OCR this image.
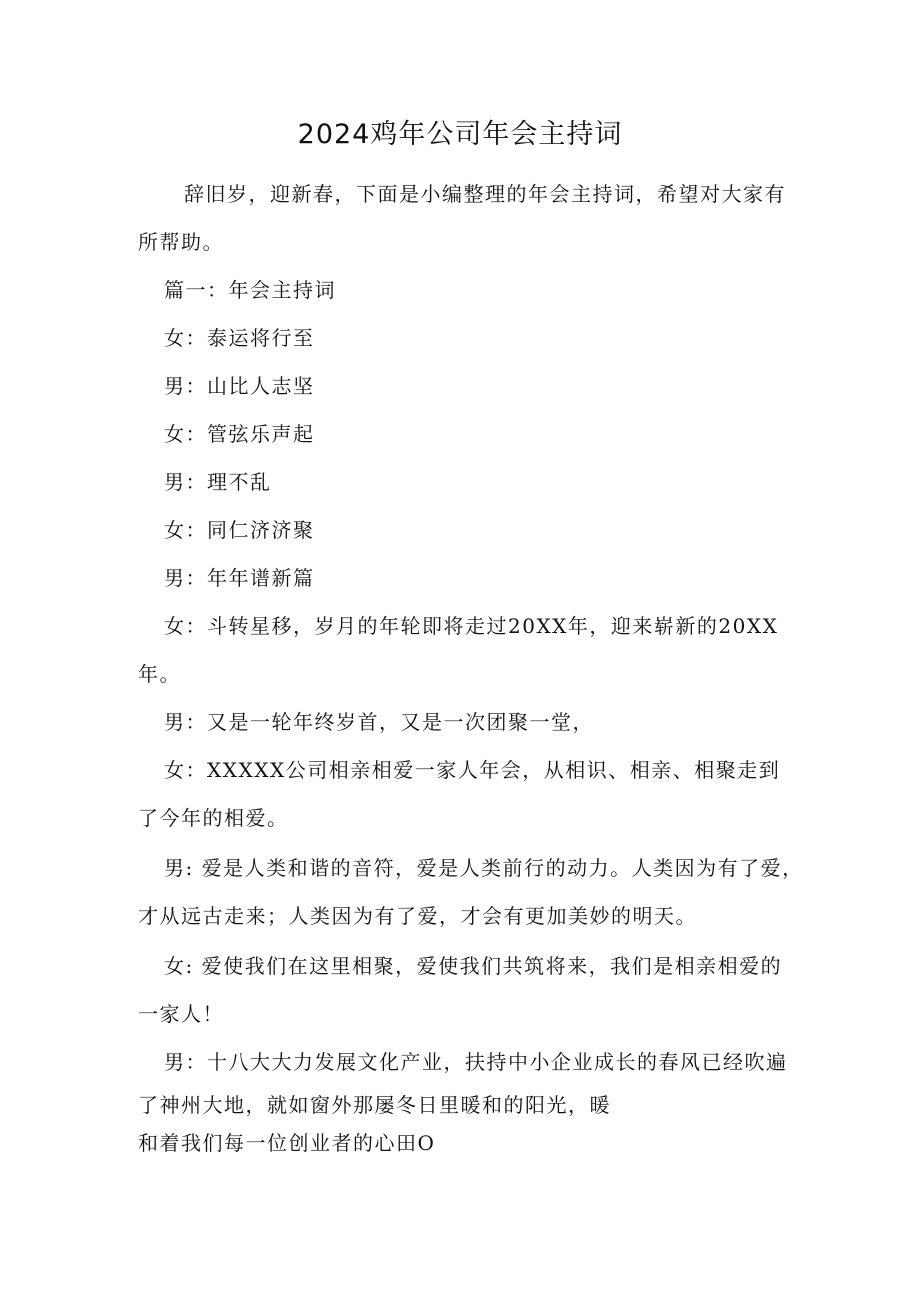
2024鸡年公司年会主持词
辞旧岁，迎新春，下面是小编整理的年会主持词，希望对大家有
所帮助。
篇一：年会主持词
女：泰运将行至
男：山比人志坚
女：管弦乐声起
男：理不乱
女：同仁济济聚
男：年年谱新篇
女：斗转星移，岁月的年轮即将走过20XX年，迎来崭新的20XX
年。
男：又是一轮年终岁首，又是一次团聚一堂，
女：XXXXX公司相亲相爱一家人年会，从相识、相亲、相聚走到
了今年的相爱。
男: 爱是人类和谐的音符，爱是人类前行的动力。人类因为有了爱，
才从远古走来；人类因为有了爱，才会有更加美妙的明天。
女: 爱使我们在这里相聚，爱使我们共筑将来，我们是相亲相爱的
一家人！
男：十八大大力发展文化产业，扶持中小企业成长的春风已经吹遍
了神州大地，就如窗外那屡冬日里暖和的阳光，暖
和着我们每一位创业者的心田O
